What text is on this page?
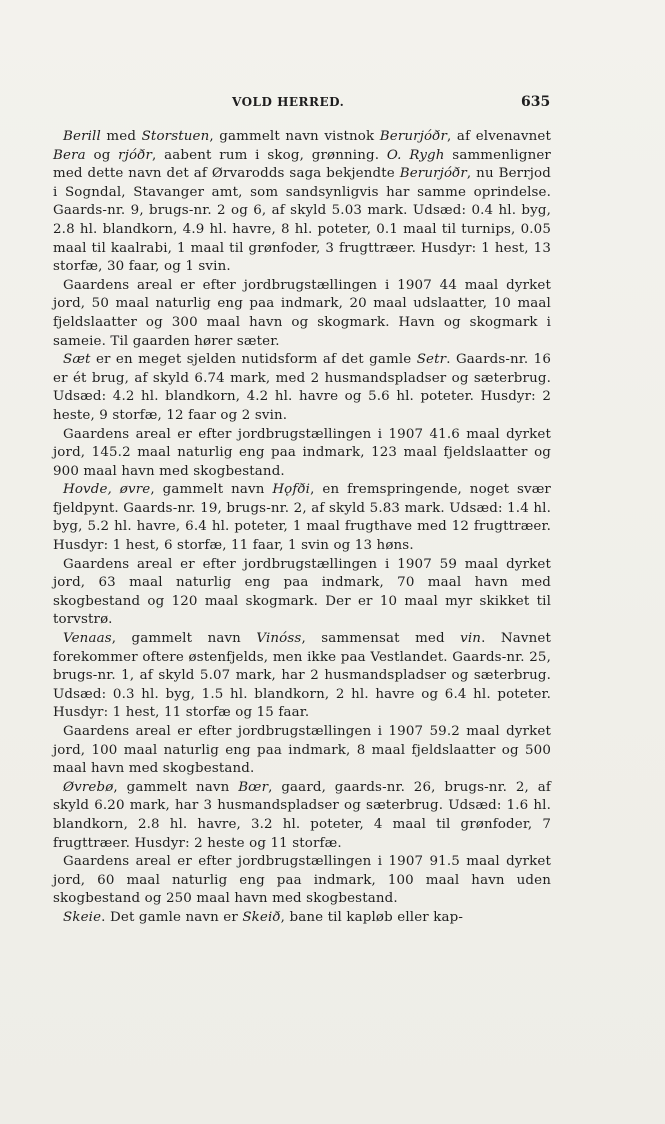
VOLD HERRED.	635

Berill med Storstuen, gammelt navn vistnok Berurjóðr, af elvenavnet Bera og rjóðr, aabent rum i skog, grønning. O. Rygh sammenligner med dette navn det af Ørvarodds saga bekjendte Berurjóðr, nu Berrjod i Sogndal, Stavanger amt, som sandsynligvis har samme oprindelse. Gaards-nr. 9, brugs-nr. 2 og 6, af skyld 5.03 mark. Udsæd: 0.4 hl. byg, 2.8 hl. blandkorn, 4.9 hl. havre, 8 hl. poteter, 0.1 maal til turnips, 0.05 maal til kaalrabi, 1 maal til grønfoder, 3 frugttræer. Husdyr: 1 hest, 13 storfæ, 30 faar, og 1 svin.

Gaardens areal er efter jordbrugstællingen i 1907 44 maal dyrket jord, 50 maal naturlig eng paa indmark, 20 maal udslaatter, 10 maal fjeldslaatter og 300 maal havn og skogmark. Havn og skogmark i sameie. Til gaarden hører sæter.

Sæt er en meget sjelden nutidsform af det gamle Setr. Gaards-nr. 16 er ét brug, af skyld 6.74 mark, med 2 husmandspladser og sæterbrug. Udsæd: 4.2 hl. blandkorn, 4.2 hl. havre og 5.6 hl. poteter. Husdyr: 2 heste, 9 storfæ, 12 faar og 2 svin.

Gaardens areal er efter jordbrugstællingen i 1907 41.6 maal dyrket jord, 145.2 maal naturlig eng paa indmark, 123 maal fjeldslaatter og 900 maal havn med skogbestand.

Hovde, øvre, gammelt navn Hǫfði, en fremspringende, noget svær fjeldpynt. Gaards-nr. 19, brugs-nr. 2, af skyld 5.83 mark. Udsæd: 1.4 hl. byg, 5.2 hl. havre, 6.4 hl. poteter, 1 maal frugthave med 12 frugttræer. Husdyr: 1 hest, 6 storfæ, 11 faar, 1 svin og 13 høns.

Gaardens areal er efter jordbrugstællingen i 1907 59 maal dyrket jord, 63 maal naturlig eng paa indmark, 70 maal havn med skogbestand og 120 maal skogmark. Der er 10 maal myr skikket til torvstrø.

Venaas, gammelt navn Vinóss, sammensat med vin. Navnet forekommer oftere østenfjelds, men ikke paa Vestlandet. Gaards-nr. 25, brugs-nr. 1, af skyld 5.07 mark, har 2 husmandspladser og sæterbrug. Udsæd: 0.3 hl. byg, 1.5 hl. blandkorn, 2 hl. havre og 6.4 hl. poteter. Husdyr: 1 hest, 11 storfæ og 15 faar.

Gaardens areal er efter jordbrugstællingen i 1907 59.2 maal dyrket jord, 100 maal naturlig eng paa indmark, 8 maal fjeldslaatter og 500 maal havn med skogbestand.

Øvrebø, gammelt navn Bœr, gaard, gaards-nr. 26, brugs-nr. 2, af skyld 6.20 mark, har 3 husmandspladser og sæterbrug. Udsæd: 1.6 hl. blandkorn, 2.8 hl. havre, 3.2 hl. poteter, 4 maal til grønfoder, 7 frugttræer. Husdyr: 2 heste og 11 storfæ.

Gaardens areal er efter jordbrugstællingen i 1907 91.5 maal dyrket jord, 60 maal naturlig eng paa indmark, 100 maal havn uden skogbestand og 250 maal havn med skogbestand.

Skeie. Det gamle navn er Skeið, bane til kapløb eller kap-
